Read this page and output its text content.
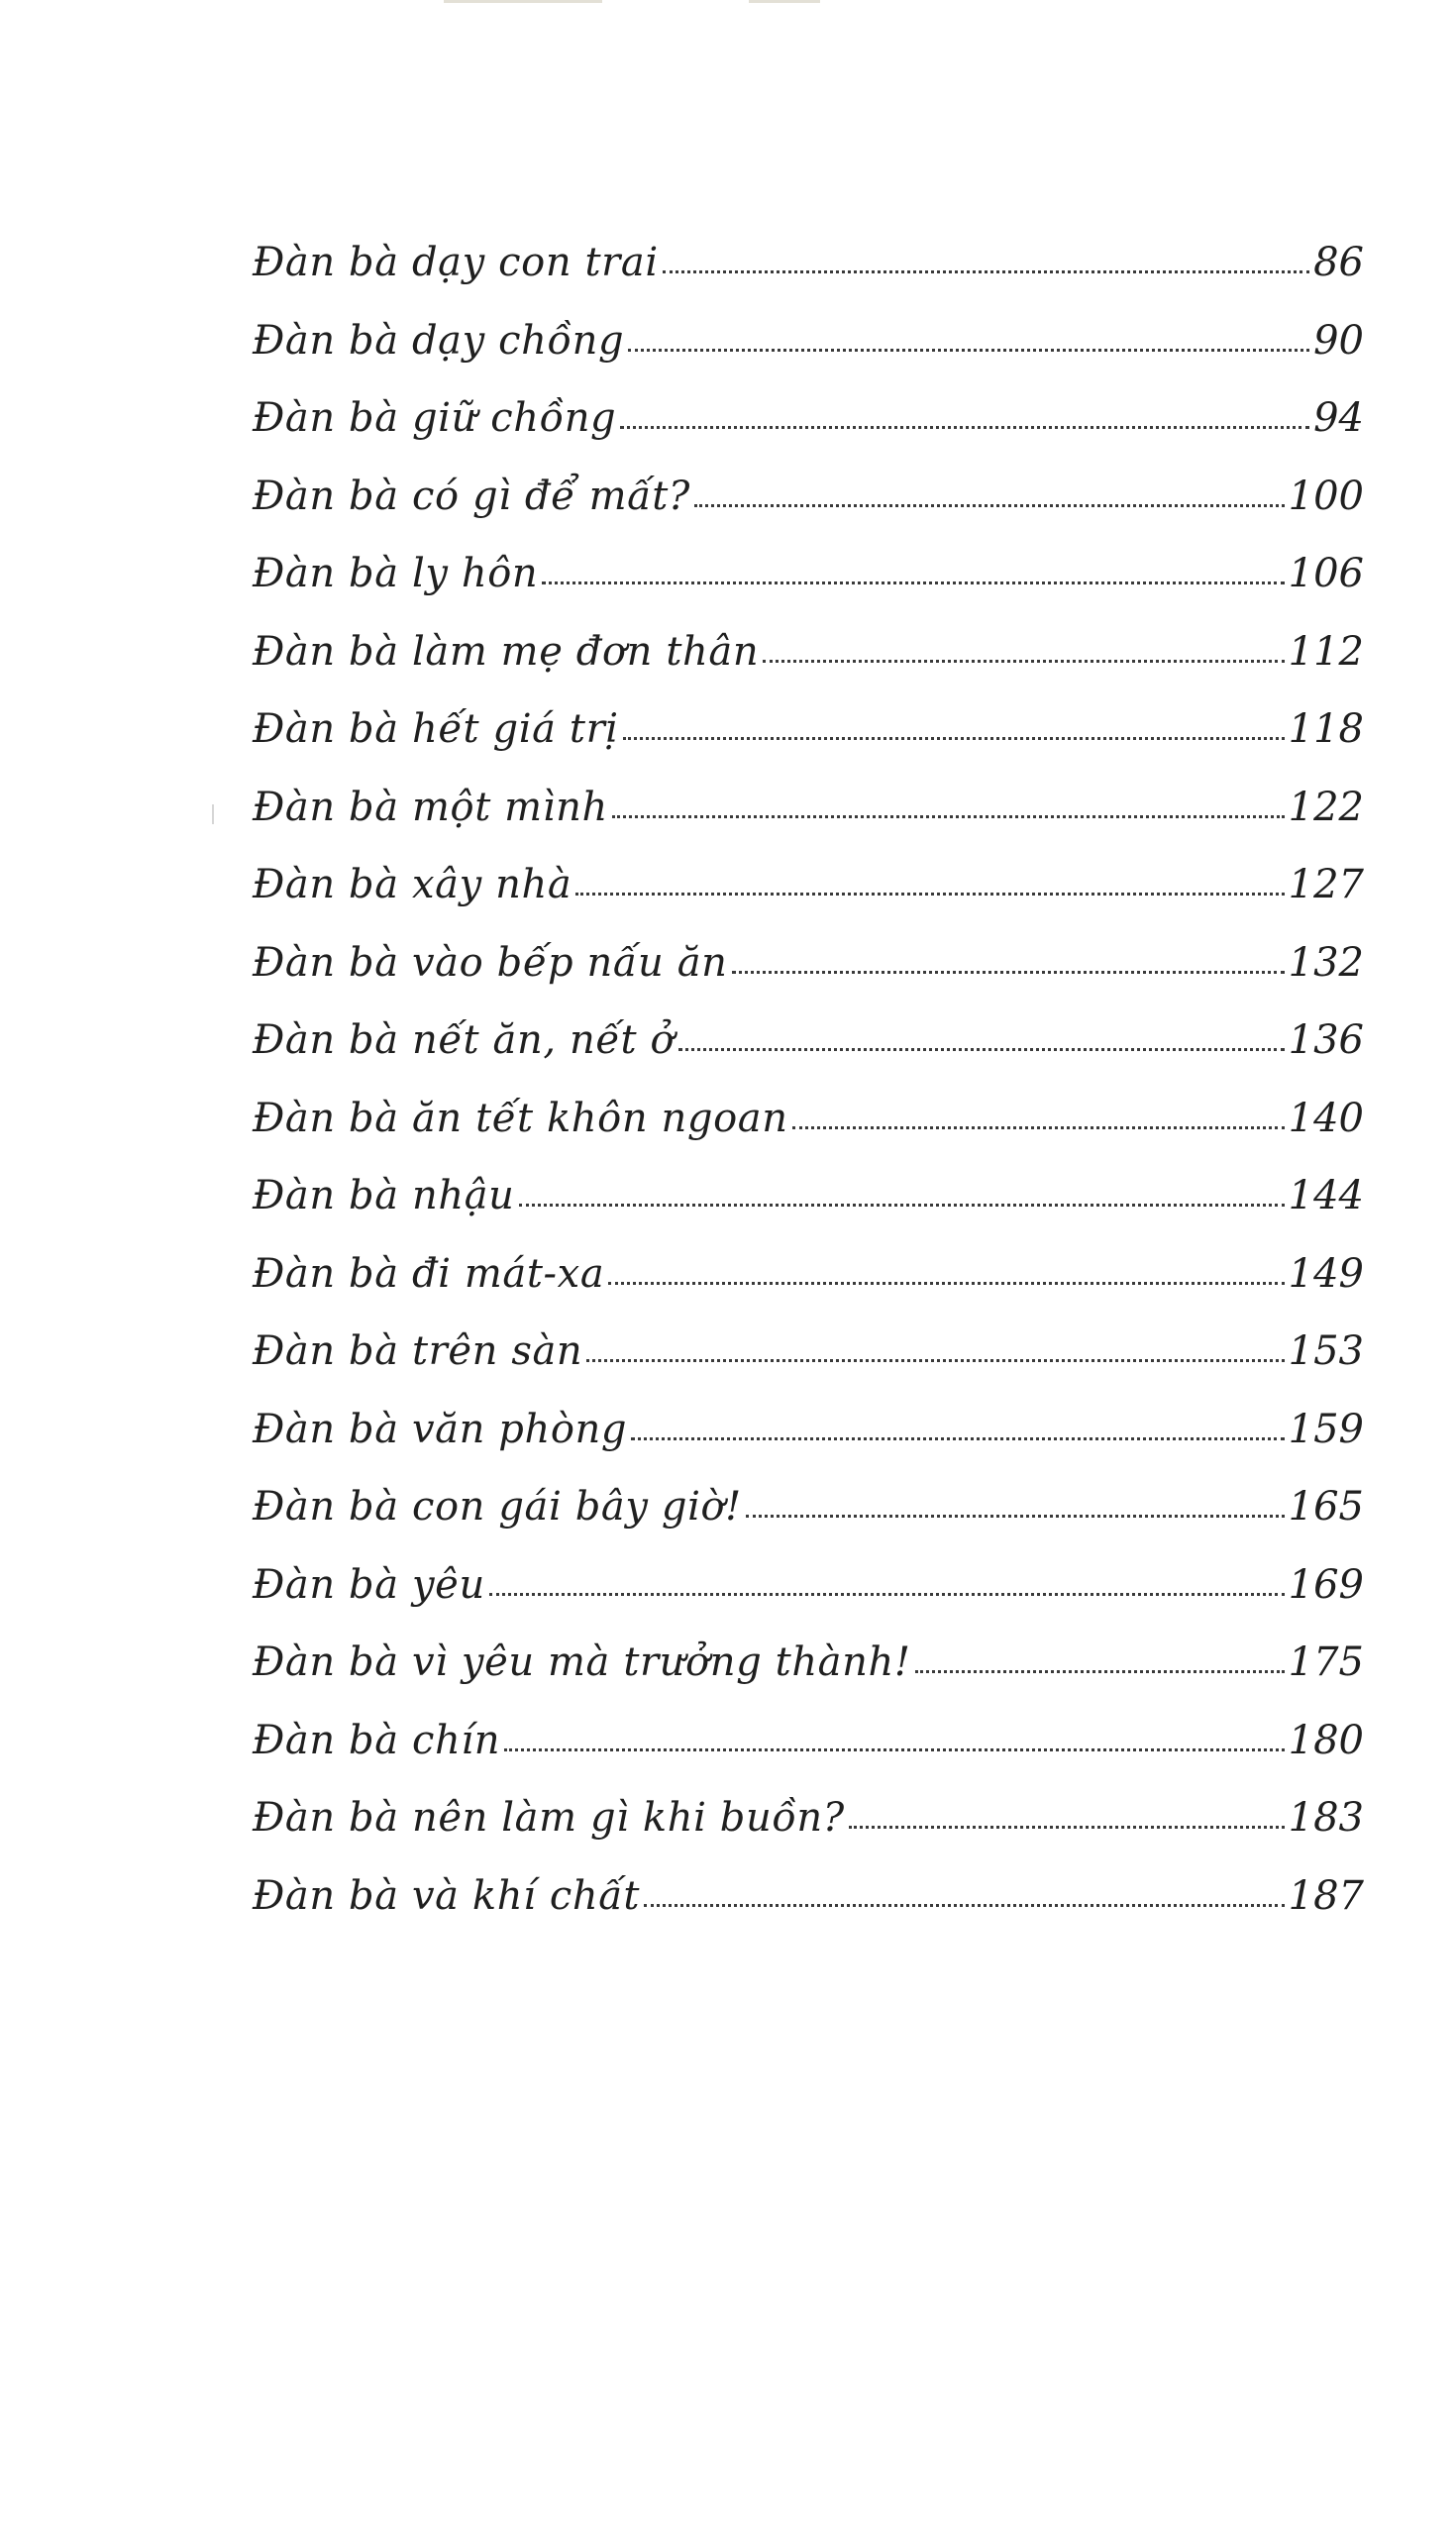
Đàn bà dạy con trai	86
Đàn bà dạy chồng	90
Đàn bà giữ chồng	94
Đàn bà có gì để mất?	100
Đàn bà ly hôn	106
Đàn bà làm mẹ đơn thân	112
Đàn bà hết giá trị	118
Đàn bà một mình	122
Đàn bà xây nhà	127
Đàn bà vào bếp nấu ăn	132
Đàn bà nết ăn, nết ở	136
Đàn bà ăn tết khôn ngoan	140
Đàn bà nhậu	144
Đàn bà đi mát-xa	149
Đàn bà trên sàn	153
Đàn bà văn phòng	159
Đàn bà con gái bây giờ!	165
Đàn bà yêu	169
Đàn bà vì yêu mà trưởng thành!	175
Đàn bà chín	180
Đàn bà nên làm gì khi buồn?	183
Đàn bà và khí chất	187
